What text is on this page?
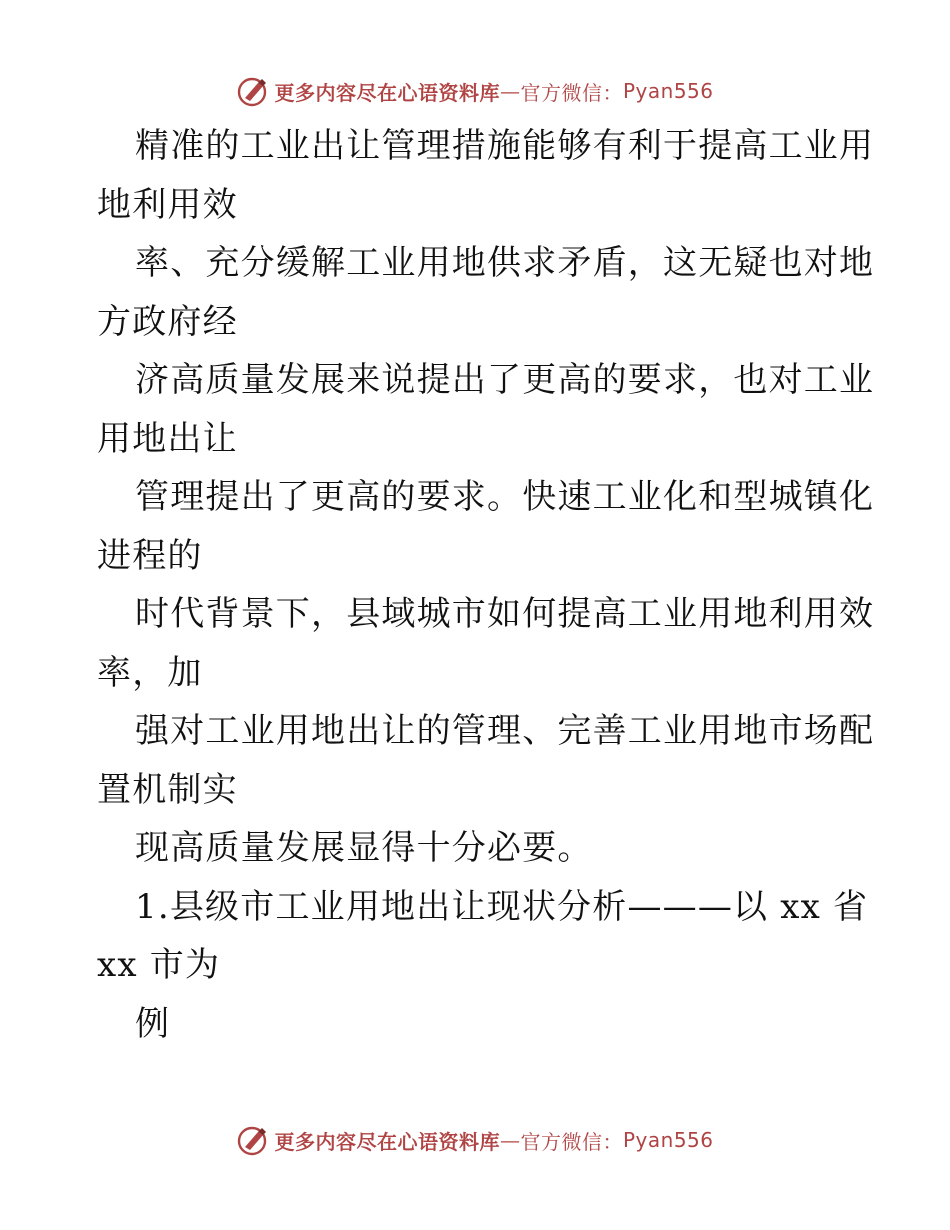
更多内容尽在心语资料库 — 官方微信： Pyan556
精准的工业出让管理措施能够有利于提高工业用
地利用效
率、充分缓解工业用地供求矛盾，这无疑也对地
方政府经
济高质量发展来说提出了更高的要求，也对工业
用地出让
管理提出了更高的要求。快速工业化和型城镇化
进程的
时代背景下，县域城市如何提高工业用地利用效
率，加
强对工业用地出让的管理、完善工业用地市场配
置机制实
现高质量发展显得十分必要。
1.县级市工业用地出让现状分析———以 xx 省
xx 市为
例
更多内容尽在心语资料库 — 官方微信： Pyan556
